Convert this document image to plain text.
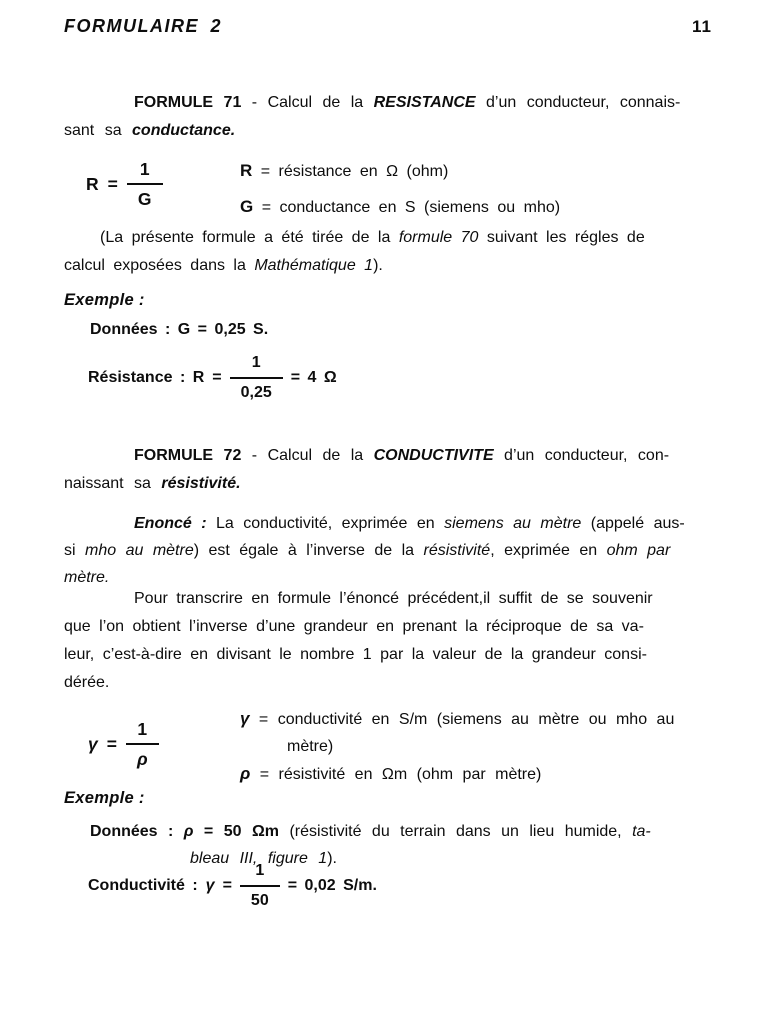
FORMULAIRE 2	11

FORMULE 71 - Calcul de la RESISTANCE d’un conducteur, connais-
sant sa conductance.

$R = \frac{1}{G}$	R = résistance en Ω (ohm)
G = conductance en S (siemens ou mho)

(La présente formule a été tirée de la formule 70 suivant les régles de
calcul exposées dans la Mathématique 1).

Exemple :
Données : G = 0,25 S.
Résistance : $R = \frac{1}{0,25} = 4$ Ω

FORMULE 72 - Calcul de la CONDUCTIVITE d’un conducteur, con-
naissant sa résistivité.

Enoncé : La conductivité, exprimée en siemens au mètre (appelé aus-
si mho au mètre) est égale à l’inverse de la résistivité, exprimée en ohm par
mètre.

Pour transcrire en formule l’énoncé précédent,il suffit de se souvenir
que l’on obtient l’inverse d’une grandeur en prenant la réciproque de sa va-
leur, c’est-à-dire en divisant le nombre 1 par la valeur de la grandeur consi-
dérée.

$\gamma = \frac{1}{\rho}$	γ = conductivité en S/m (siemens au mètre ou mho au
mètre)
ρ = résistivité en Ωm (ohm par mètre)
Exemple :

Données : ρ = 50 Ωm (résistivité du terrain dans un lieu humide, ta-
bleau III, figure 1).

Conductivité : $\gamma = \frac{1}{50} = 0,02$ S/m.
